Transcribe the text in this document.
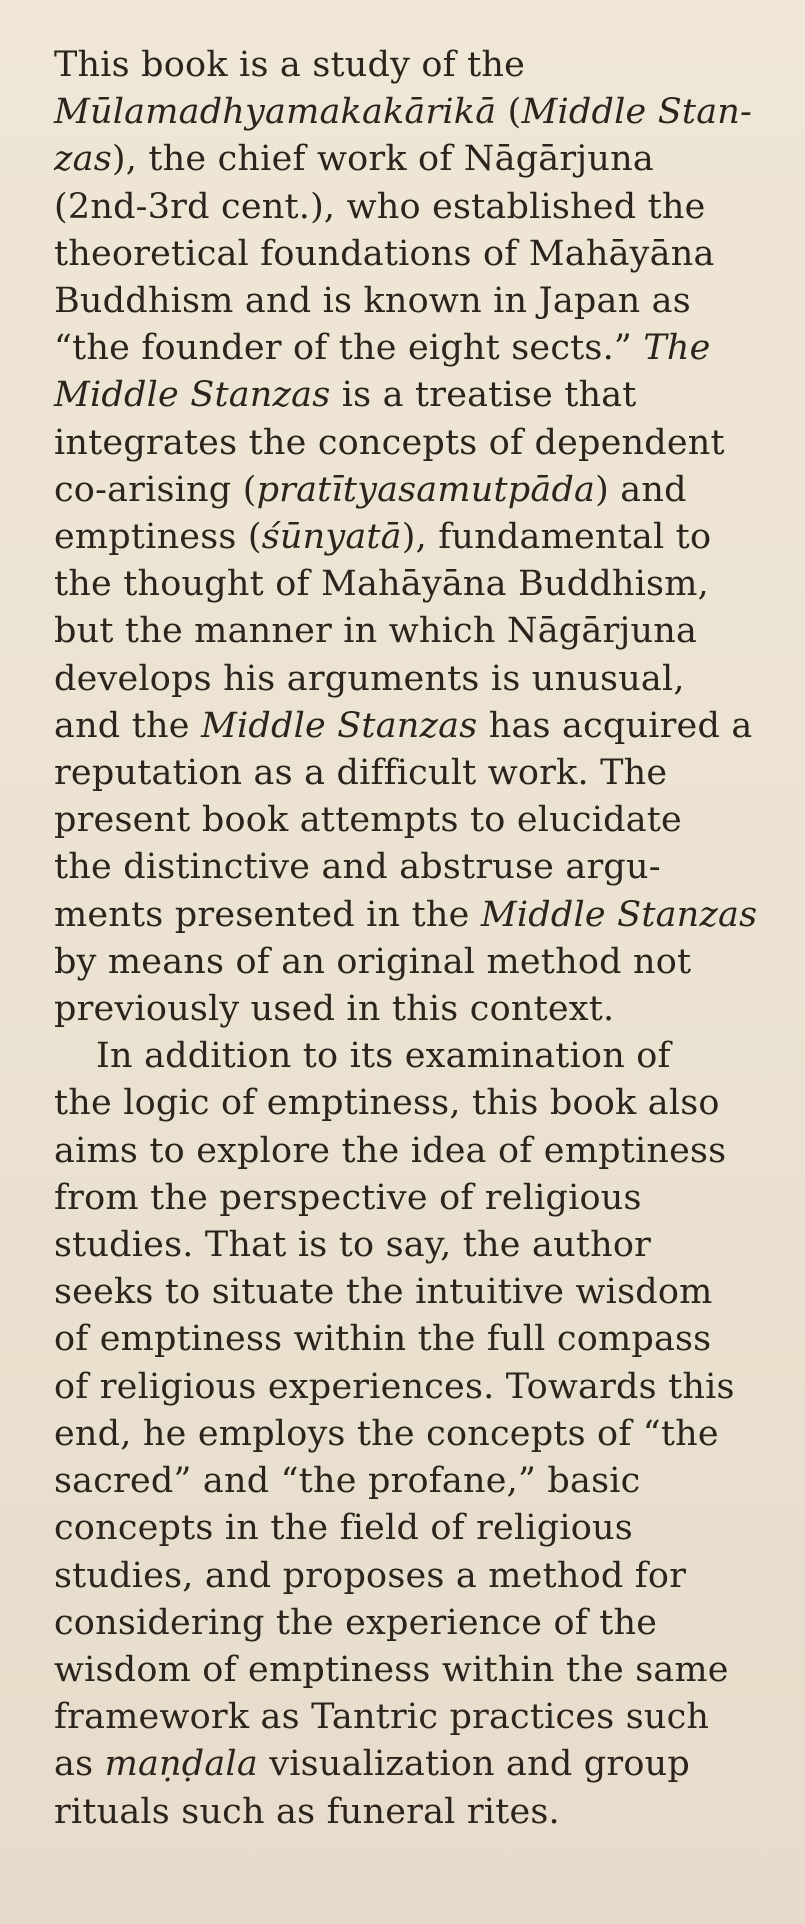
This book is a study of the
Mūlamadhyamakakārikā (Middle Stan-
zas), the chief work of Nāgārjuna
(2nd-3rd cent.), who established the
theoretical foundations of Mahāyāna
Buddhism and is known in Japan as
“the founder of the eight sects.” The
Middle Stanzas is a treatise that
integrates the concepts of dependent
co-arising (pratītyasamutpāda) and
emptiness (śūnyatā), fundamental to
the thought of Mahāyāna Buddhism,
but the manner in which Nāgārjuna
develops his arguments is unusual,
and the Middle Stanzas has acquired a
reputation as a difficult work. The
present book attempts to elucidate
the distinctive and abstruse argu-
ments presented in the Middle Stanzas
by means of an original method not
previously used in this context.
In addition to its examination of
the logic of emptiness, this book also
aims to explore the idea of emptiness
from the perspective of religious
studies. That is to say, the author
seeks to situate the intuitive wisdom
of emptiness within the full compass
of religious experiences. Towards this
end, he employs the concepts of “the
sacred” and “the profane,” basic
concepts in the field of religious
studies, and proposes a method for
considering the experience of the
wisdom of emptiness within the same
framework as Tantric practices such
as maṇḍala visualization and group
rituals such as funeral rites.
